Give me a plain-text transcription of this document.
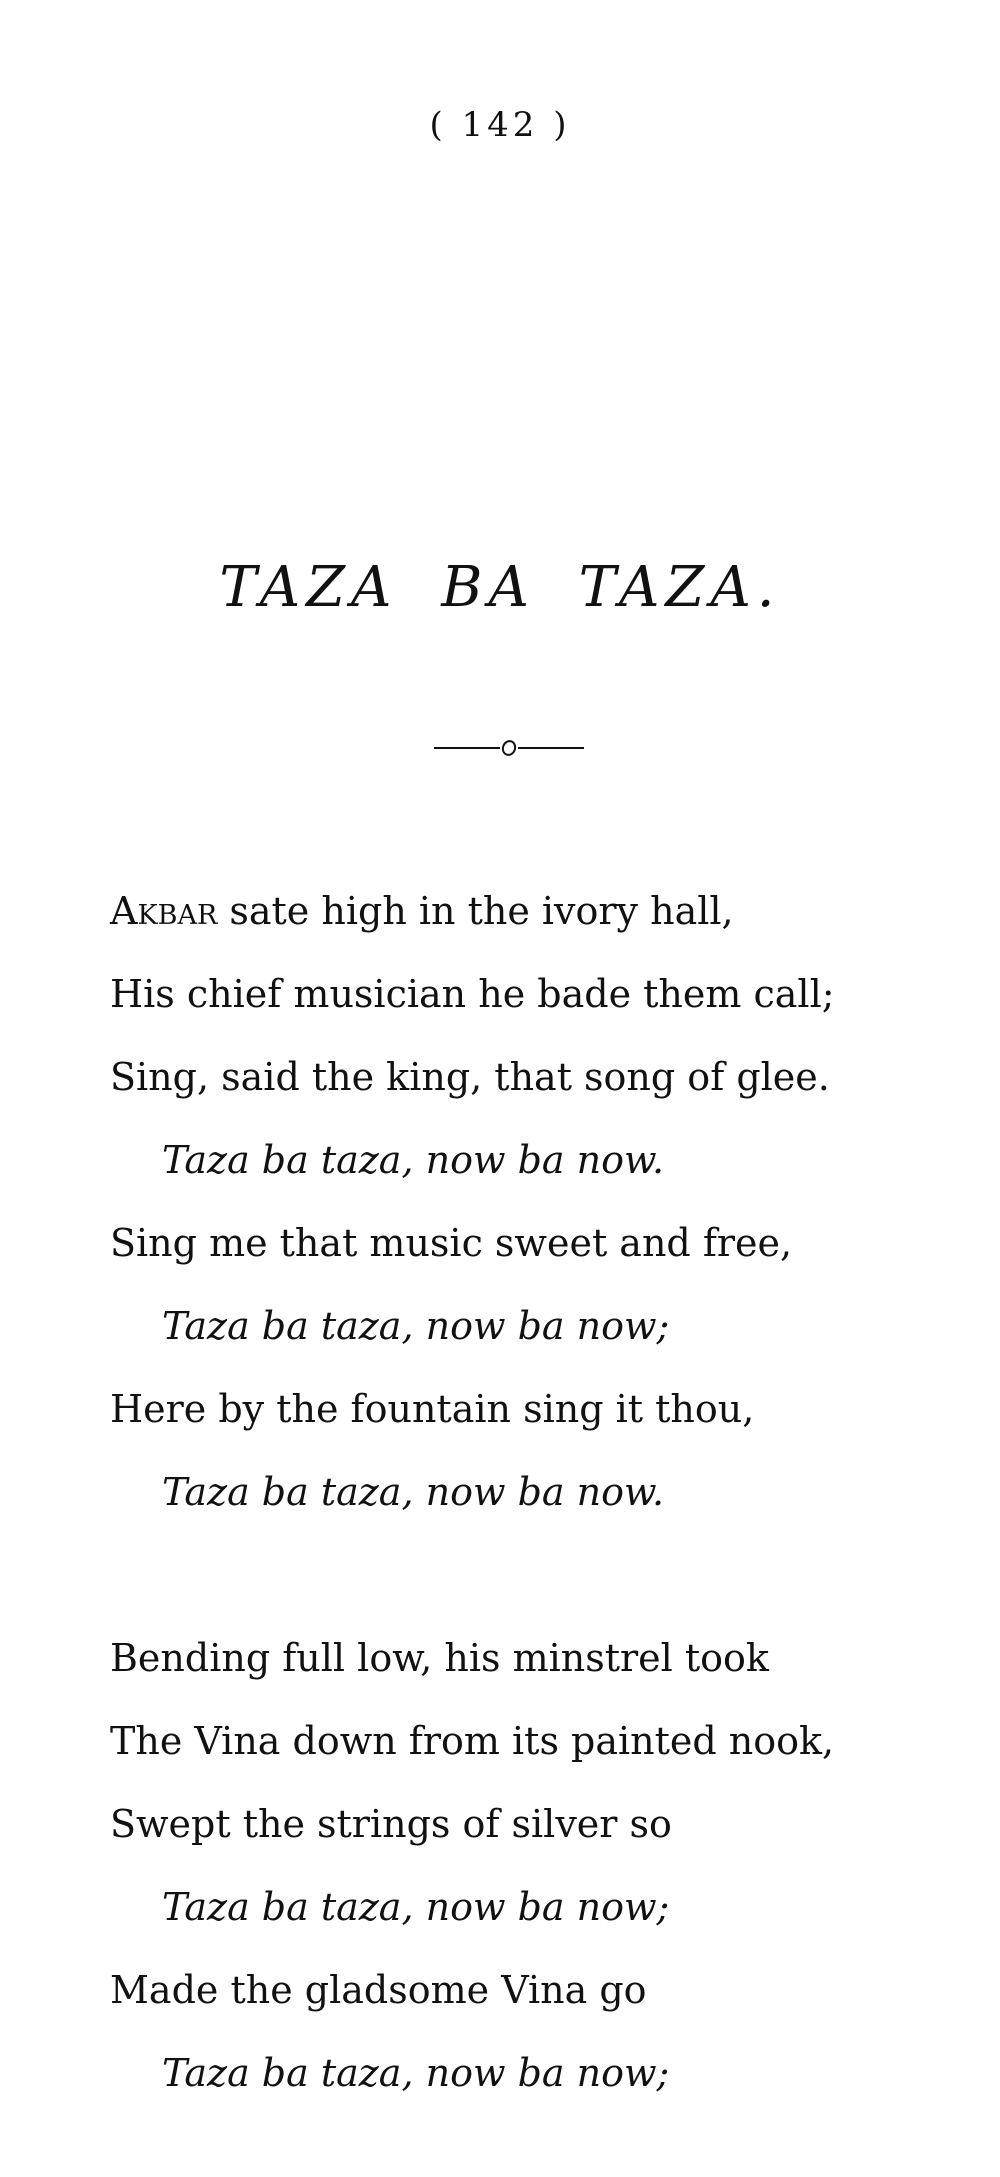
( 142 )
TAZA BA TAZA.
Akbar sate high in the ivory hall,
His chief musician he bade them call;
Sing, said the king, that song of glee.
Taza ba taza, now ba now.
Sing me that music sweet and free,
Taza ba taza, now ba now;
Here by the fountain sing it thou,
Taza ba taza, now ba now.
Bending full low, his minstrel took
The Vina down from its painted nook,
Swept the strings of silver so
Taza ba taza, now ba now;
Made the gladsome Vina go
Taza ba taza, now ba now;
